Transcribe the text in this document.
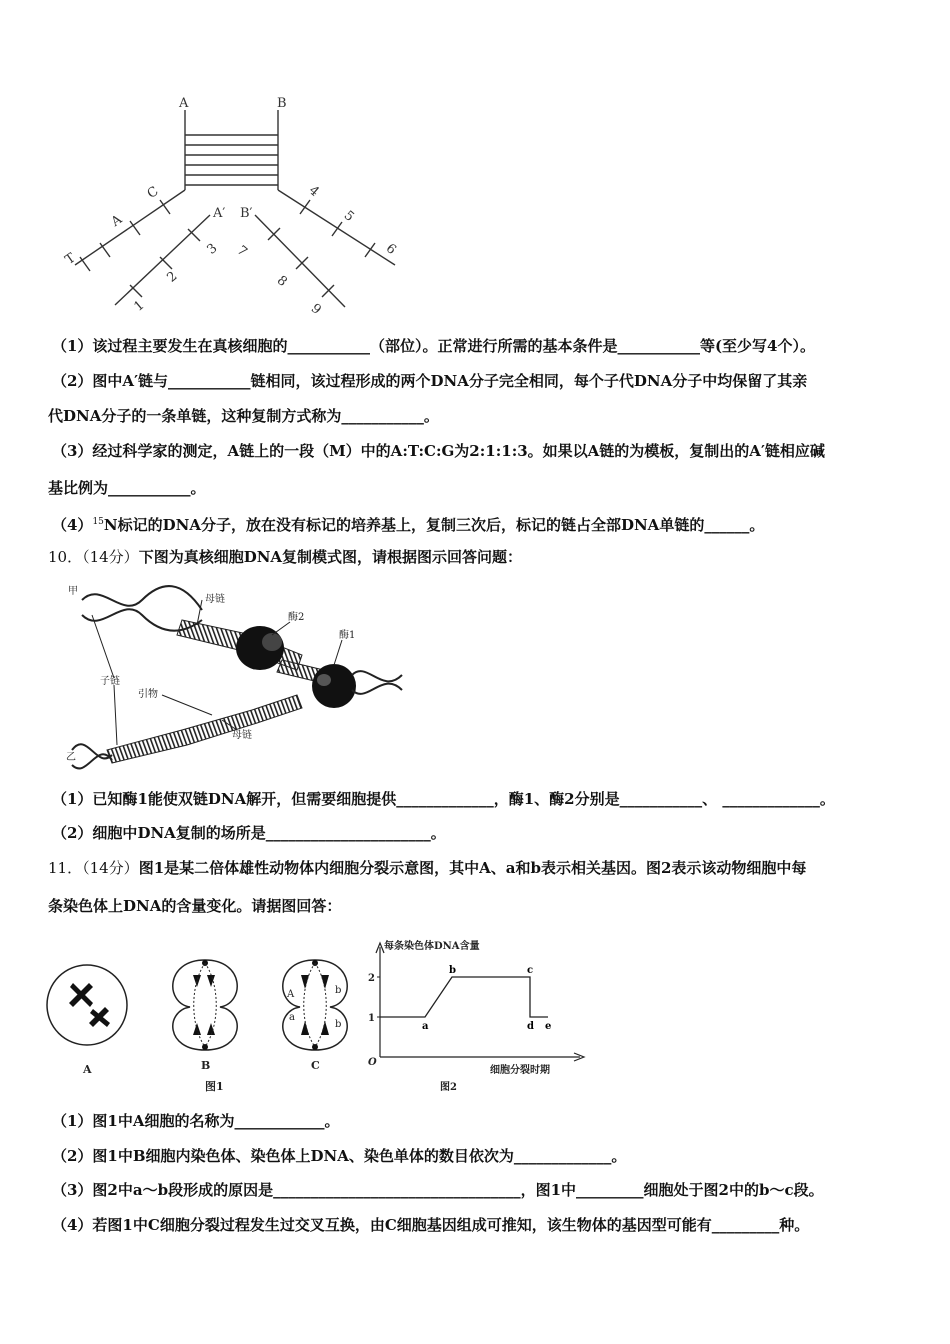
A	B
A′ B′
C
A
T
1
2
3
4
5
6
7
8
9
（1）该过程主要发生在真核细胞的___________（部位）。正常进行所需的基本条件是___________等(至少写4个）。
（2）图中A′链与___________链相同，该过程形成的两个DNA分子完全相同，每个子代DNA分子中均保留了其亲
代DNA分子的一条单链，这种复制方式称为___________。
（3）经过科学家的测定，A链上的一段（M）中的A:T:C:G为2:1:1:3。如果以A链的为模板，复制出的A′链相应碱
基比例为___________。
$(4)^{15}N$标记的DNA分子，放在没有标记的培养基上，复制三次后，标记的链占全部DNA单链的______。
10．（14分）下图为真核细胞DNA复制模式图，请根据图示回答问题：
甲
母链
酶2
酶1
子链
引物
母链
乙
（1）已知酶1能使双链DNA解开，但需要细胞提供_____________，酶1、酶2分别是___________、 _____________。
（2）细胞中DNA复制的场所是______________________。
11．（14分）图1是某二倍体雄性动物体内细胞分裂示意图，其中A、a和b表示相关基因。图2表示该动物细胞中每
条染色体上DNA的含量变化。请据图回答：
A	b
a
b
A	B	C
图1
a
b	c
d e
每条染色体DNA含量
O
1
2
细胞分裂时期
图2
（1）图1中A细胞的名称为____________。
（2）图1中B细胞内染色体、染色体上DNA、染色单体的数目依次为_____________。
（3）图2中a～b段形成的原因是_________________________________，图1中_________细胞处于图2中的b～c段。
（4）若图1中C细胞分裂过程发生过交叉互换，由C细胞基因组成可推知，该生物体的基因型可能有_________种。
